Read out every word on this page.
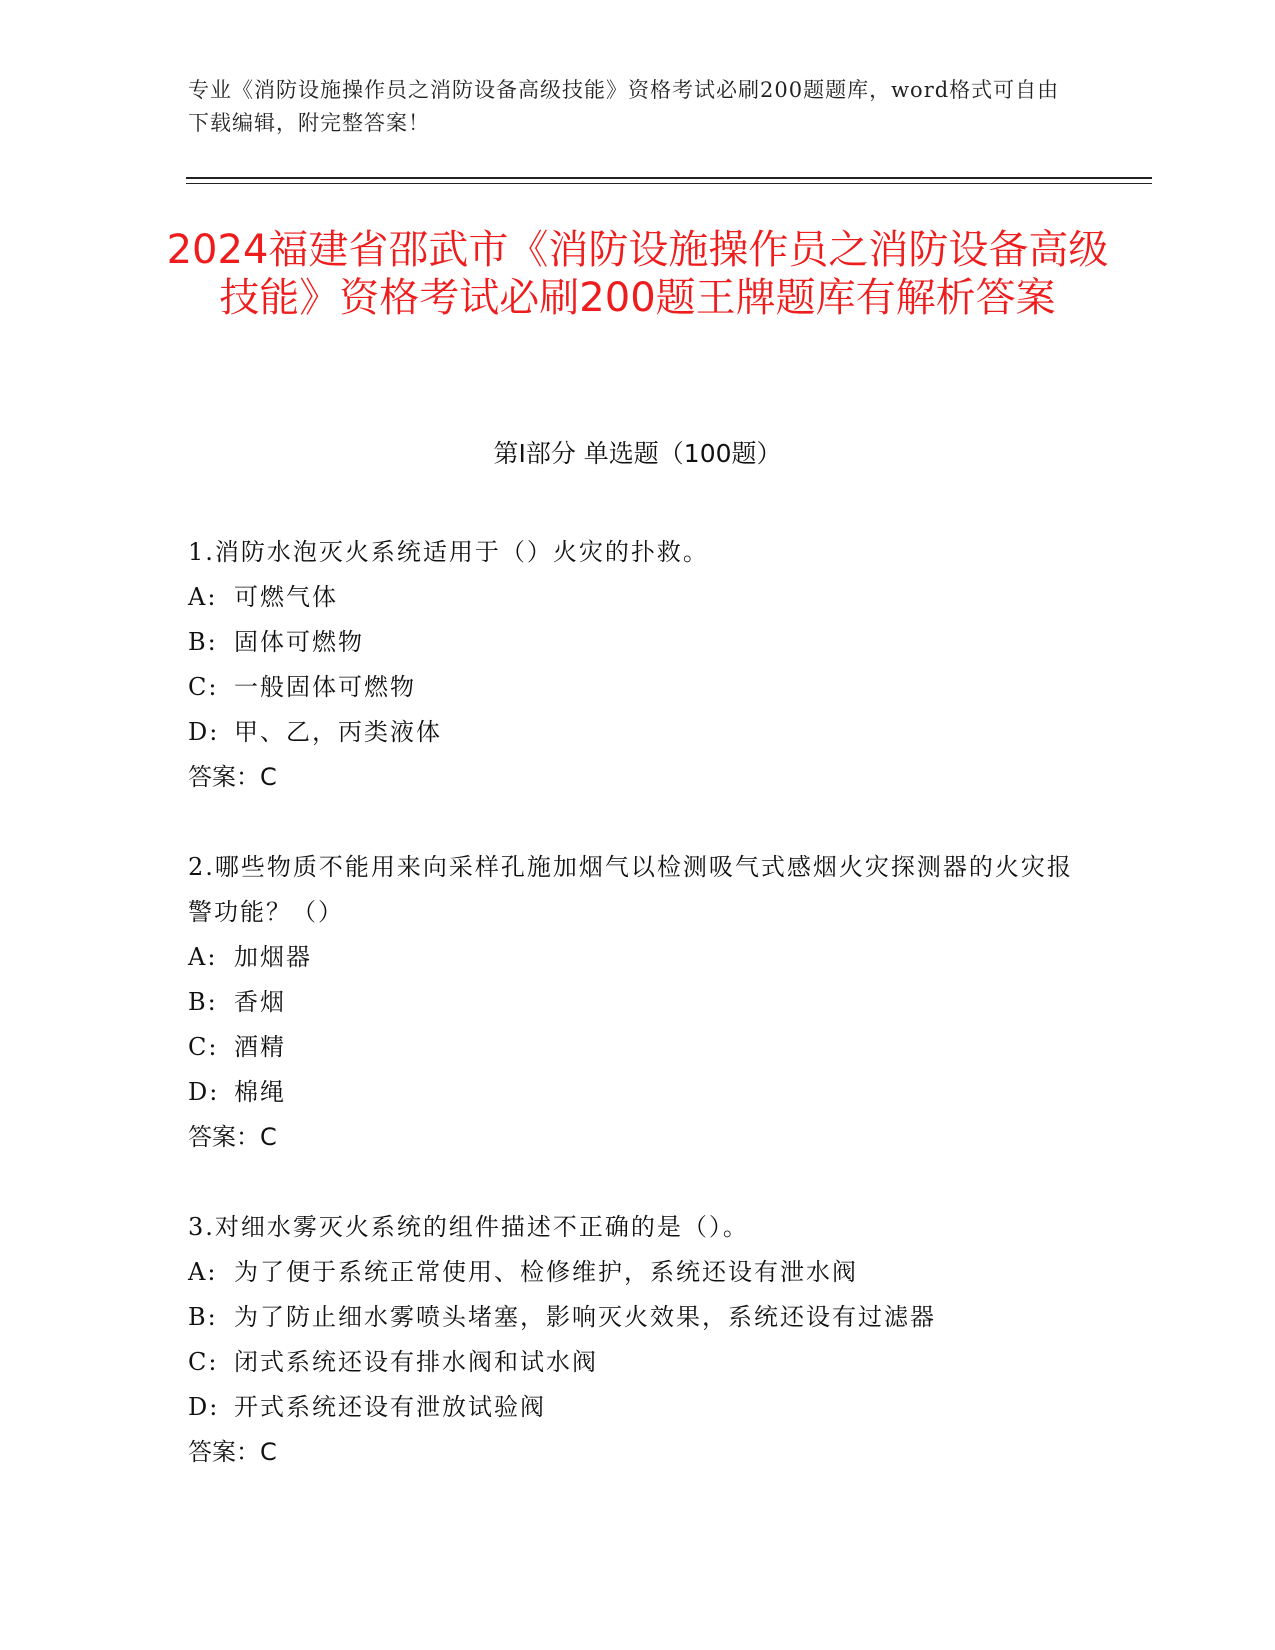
专业《消防设施操作员之消防设备高级技能》资格考试必刷200题题库，word格式可自由下载编辑，附完整答案！
2024福建省邵武市《消防设施操作员之消防设备高级技能》资格考试必刷200题王牌题库有解析答案
第I部分 单选题（100题）
1.消防水泡灭火系统适用于（）火灾的扑救。
A: 可燃气体
B: 固体可燃物
C: 一般固体可燃物
D: 甲、乙，丙类液体
答案：C
2.哪些物质不能用来向采样孔施加烟气以检测吸气式感烟火灾探测器的火灾报警功能？（）
A: 加烟器
B: 香烟
C: 酒精
D: 棉绳
答案：C
3.对细水雾灭火系统的组件描述不正确的是（）。
A: 为了便于系统正常使用、检修维护，系统还设有泄水阀
B: 为了防止细水雾喷头堵塞，影响灭火效果，系统还设有过滤器
C: 闭式系统还设有排水阀和试水阀
D: 开式系统还设有泄放试验阀
答案：C
